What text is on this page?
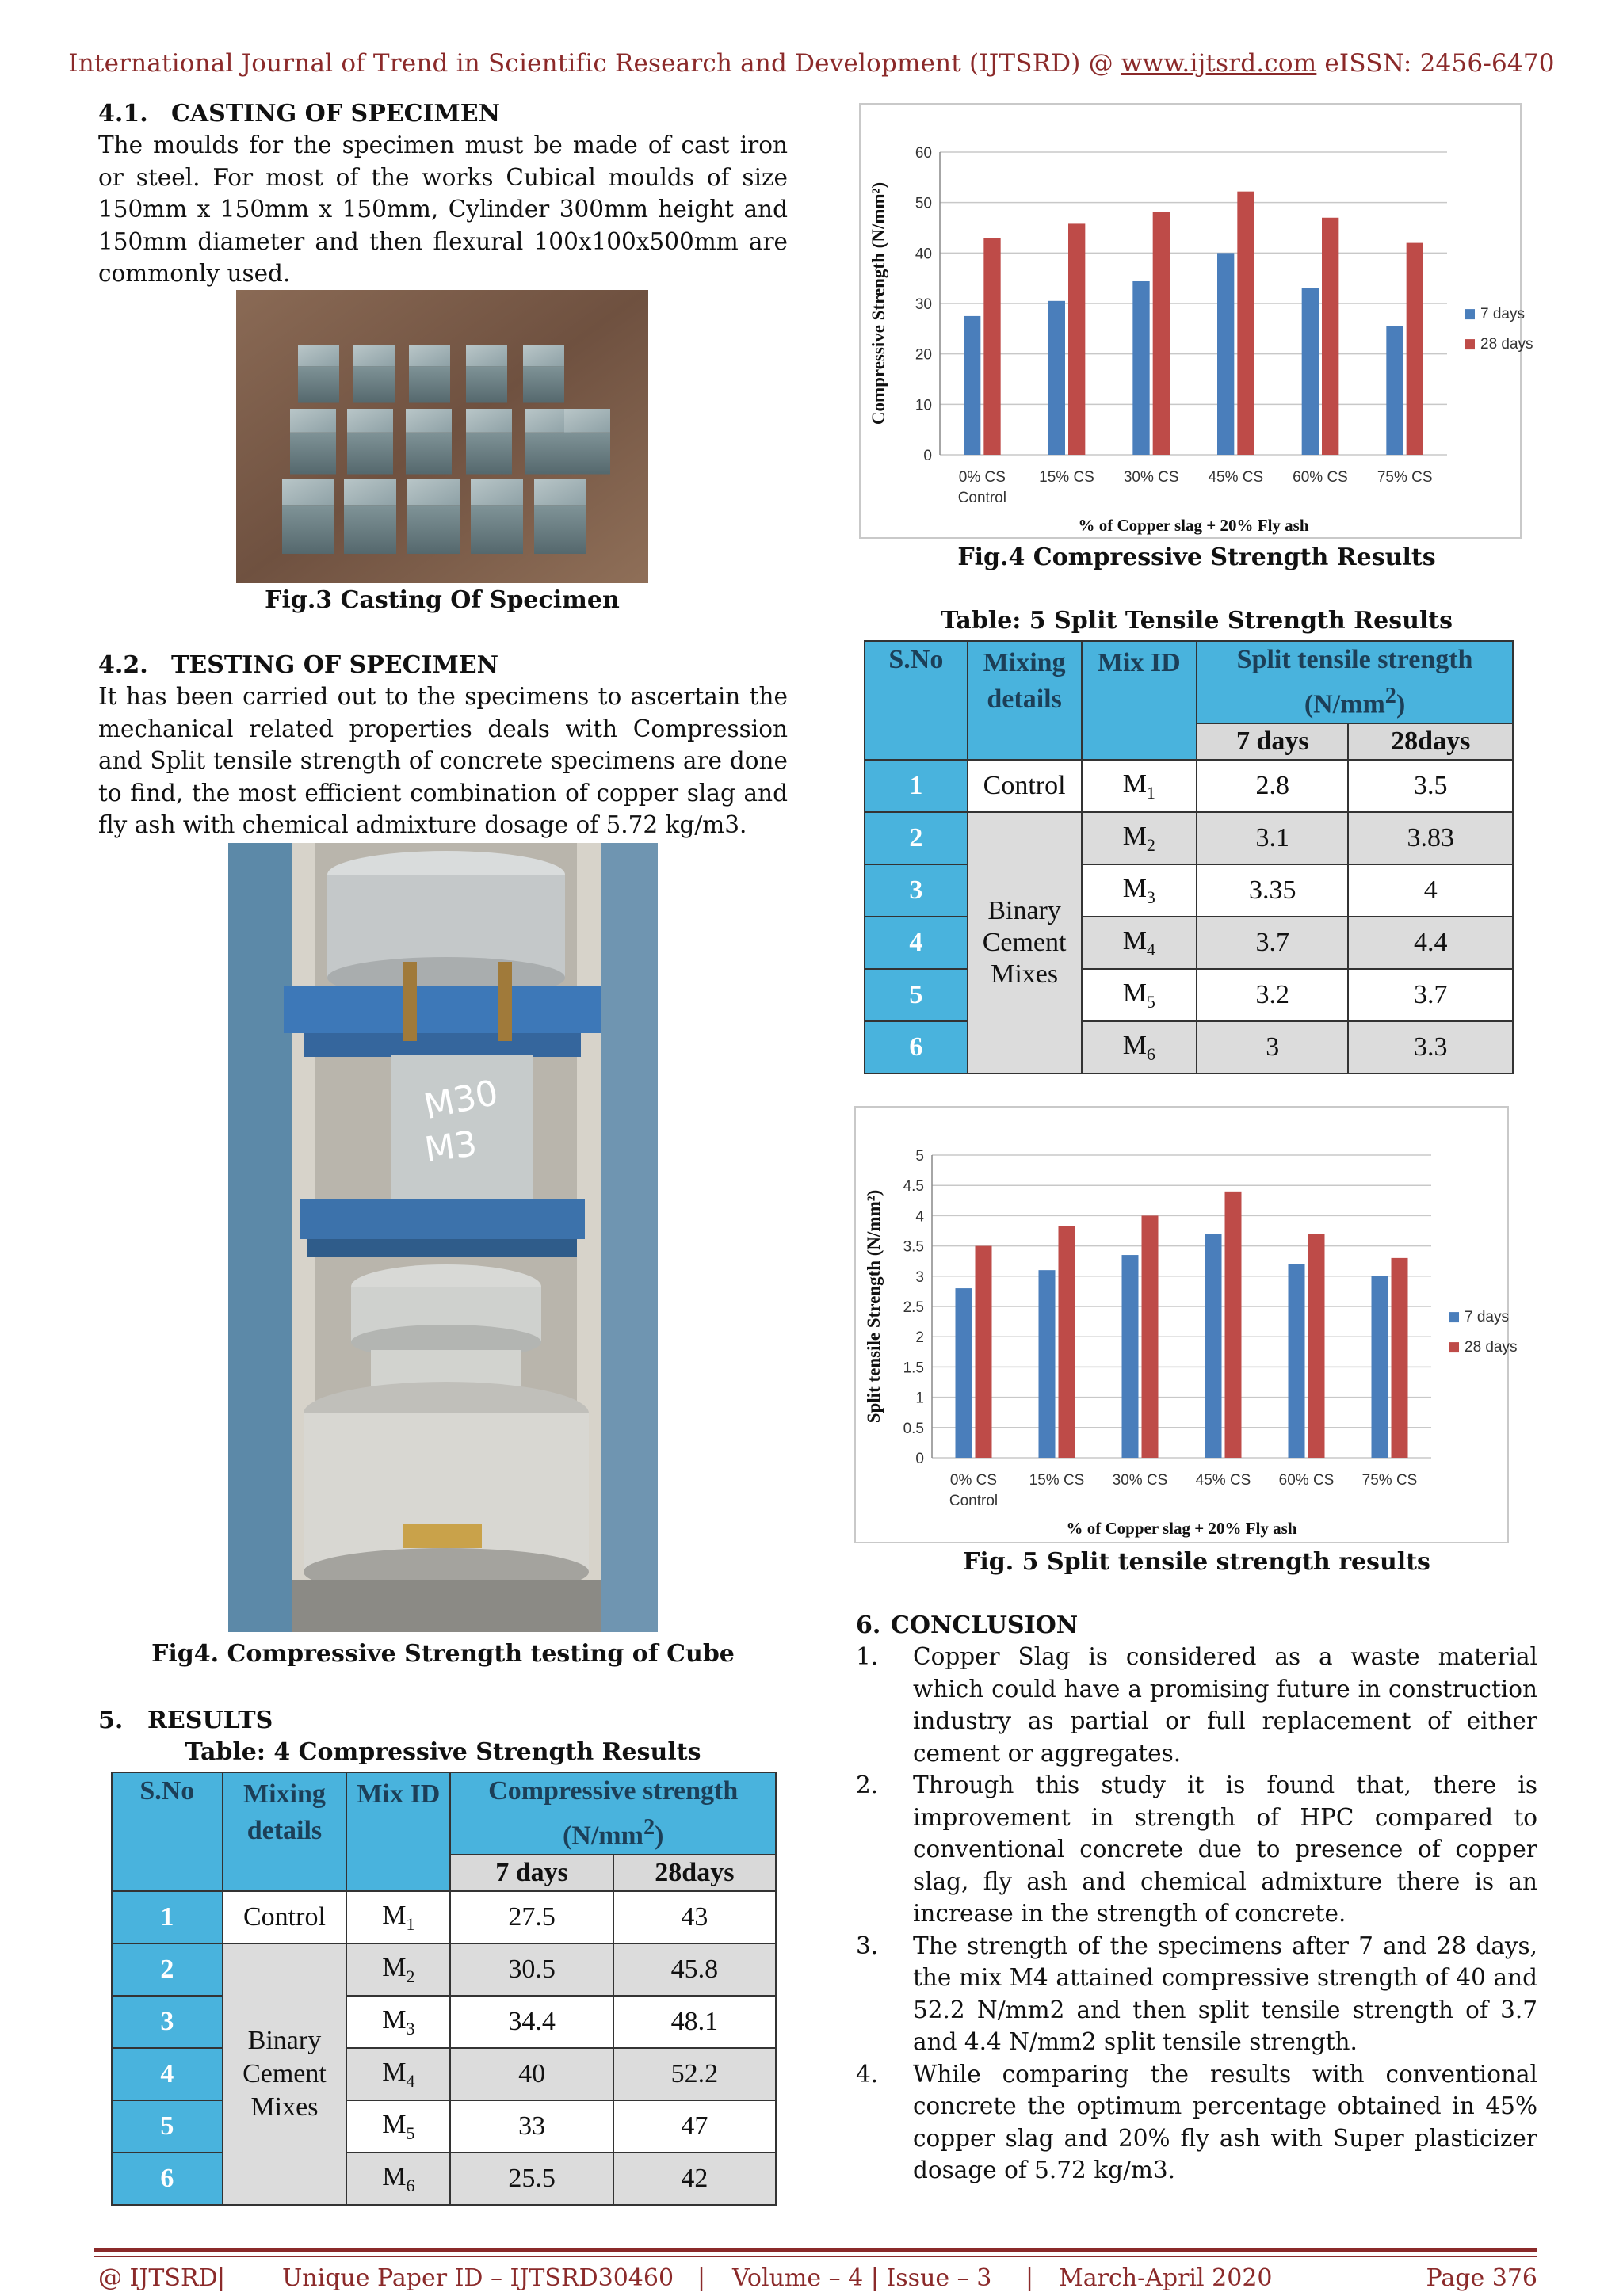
International Journal of Trend in Scientific Research and Development (IJTSRD) @ www.ijtsrd.com eISSN: 2456-6470
4.1. CASTING OF SPECIMEN

The moulds for the specimen must be made of cast iron or steel. For most of the works Cubical moulds of size 150mm x 150mm x 150mm, Cylinder 300mm height and 150mm diameter and then flexural 100x100x500mm are commonly used.

Fig.3 Casting Of Specimen
4.2. TESTING OF SPECIMEN

It has been carried out to the specimens to ascertain the mechanical related properties deals with Compression and Split tensile strength of concrete specimens are done to find, the most efficient combination of copper slag and fly ash with chemical admixture dosage of 5.72 kg/m3.

M30
M3
Fig4. Compressive Strength testing of Cube
5. RESULTS
Table: 4 Compressive Strength Results
S.No	Mixing details	Mix ID	Compressive strength
$(N/mm^2)$	
			7 days	28days
1	Control	$M_1$	27.5	43
2	Binary Cement Mixes	$M_2$	30.5	45.8
3		$M_3$	34.4	48.1
4		$M_4$	40	52.2
5		$M_5$	33	47
6		$M_6$	25.5	42
0
10
20
30
40
50
60
0% CS
Control
15% CS 30% CS 45% CS 60% CS 75% CS
% of Copper slag + 20% Fly ash
Compressive Strength (N/mm²)	7 days
28 days
Fig.4 Compressive Strength Results
Table: 5 Split Tensile Strength Results
S.No	Mixing details	Mix ID	Split tensile strength
$(N/mm^2)$	
			7 days	28days
1	Control	$M_1$	2.8	3.5
2	Binary Cement Mixes	$M_2$	3.1	3.83
3		$M_3$	3.35	4
4		$M_4$	3.7	4.4
5		$M_5$	3.2	3.7
6		$M_6$	3	3.3
0
0.5
1
1.5
2
2.5
3
3.5
4
4.5
5
0% CS
Control
15% CS 30% CS 45% CS 60% CS 75% CS
% of Copper slag + 20% Fly ash
Split tensile Strength (N/mm²)	7 days
28 days
Fig. 5 Split tensile strength results
6. CONCLUSION
1. Copper Slag is considered as a waste material which could have a promising future in construction industry as partial or full replacement of either cement or aggregates.
2. Through this study it is found that, there is improvement in strength of HPC compared to conventional concrete due to presence of copper slag, fly ash and chemical admixture there is an increase in the strength of concrete.
3. The strength of the specimens after 7 and 28 days, the mix M4 attained compressive strength of 40 and 52.2 N/mm2 and then split tensile strength of 3.7 and 4.4 N/mm2 split tensile strength.
4. While comparing the results with conventional concrete the optimum percentage obtained in 45% copper slag and 20% fly ash with Super plasticizer dosage of 5.72 kg/m3.
@ IJTSRD | Unique Paper ID – IJTSRD30460 | Volume – 4 | Issue – 3 | March-April 2020	Page 376
